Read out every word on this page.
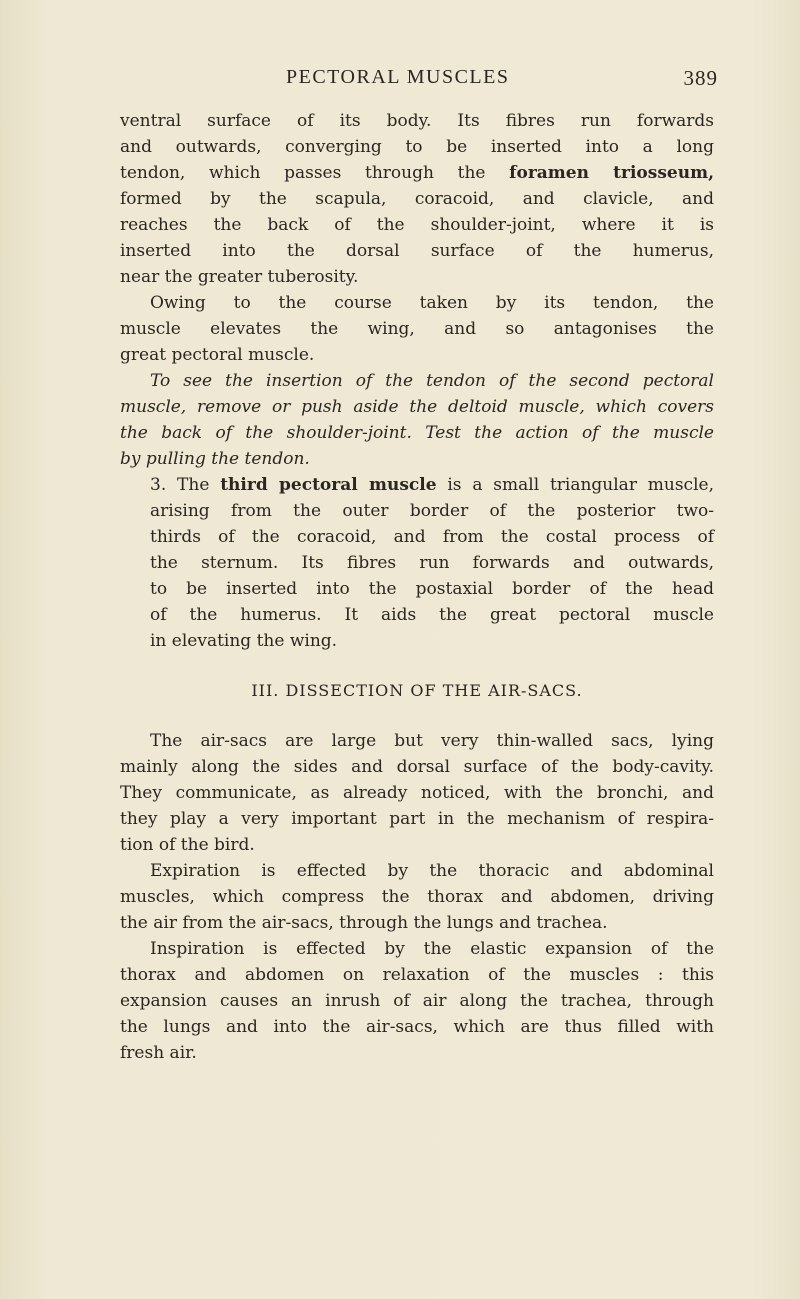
PECTORAL MUSCLES	389
ventral surface of its body. Its fibres run forwards
and outwards, converging to be inserted into a long
tendon, which passes through the foramen triosseum,
formed by the scapula, coracoid, and clavicle, and
reaches the back of the shoulder-joint, where it is
inserted into the dorsal surface of the humerus,
near the greater tuberosity.
Owing to the course taken by its tendon, the
muscle elevates the wing, and so antagonises the
great pectoral muscle.
To see the insertion of the tendon of the second pectoral
muscle, remove or push aside the deltoid muscle, which covers
the back of the shoulder-joint. Test the action of the muscle
by pulling the tendon.
3. The third pectoral muscle is a small triangular muscle,
arising from the outer border of the posterior two-
thirds of the coracoid, and from the costal process of
the sternum. Its fibres run forwards and outwards,
to be inserted into the postaxial border of the head
of the humerus. It aids the great pectoral muscle
in elevating the wing.
III. DISSECTION OF THE AIR-SACS.
The air-sacs are large but very thin-walled sacs, lying
mainly along the sides and dorsal surface of the body-cavity.
They communicate, as already noticed, with the bronchi, and
they play a very important part in the mechanism of respira-
tion of the bird.
Expiration is effected by the thoracic and abdominal
muscles, which compress the thorax and abdomen, driving
the air from the air-sacs, through the lungs and trachea.
Inspiration is effected by the elastic expansion of the
thorax and abdomen on relaxation of the muscles : this
expansion causes an inrush of air along the trachea, through
the lungs and into the air-sacs, which are thus filled with
fresh air.
